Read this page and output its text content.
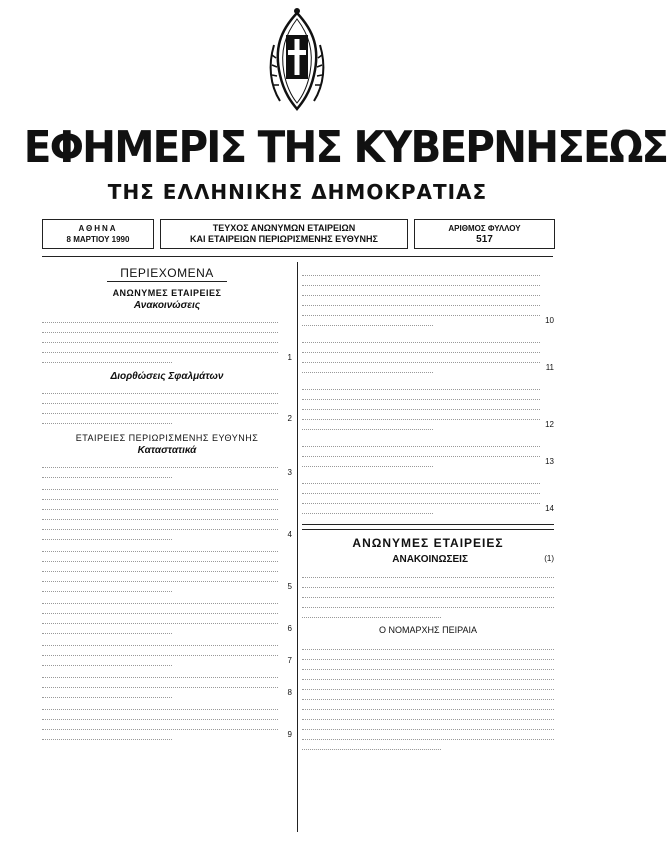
ΕΦΗΜΕΡΙΣ ΤΗΣ ΚΥΒΕΡΝΗΣΕΩΣ
ΤΗΣ ΕΛΛΗΝΙΚΗΣ ΔΗΜΟΚΡΑΤΙΑΣ
ΑΘΗΝΑ
8 ΜΑΡΤΙΟΥ 1990
ΤΕΥΧΟΣ ΑΝΩΝΥΜΩΝ ΕΤΑΙΡΕΙΩΝ
ΚΑΙ ΕΤΑΙΡΕΙΩΝ ΠΕΡΙΩΡΙΣΜΕΝΗΣ ΕΥΘΥΝΗΣ
ΑΡΙΘΜΟΣ ΦΥΛΛΟΥ
517
ΠΕΡΙΕΧΟΜΕΝΑ
ΑΝΩΝΥΜΕΣ ΕΤΑΙΡΕΙΕΣ
Ανακοινώσεις
1
Διορθώσεις Σφαλμάτων
2
ΕΤΑΙΡΕΙΕΣ ΠΕΡΙΩΡΙΣΜΕΝΗΣ ΕΥΘΥΝΗΣ
Καταστατικά
3
4
5
6
7
8
9
10
11
12
13
14
ΑΝΩΝΥΜΕΣ ΕΤΑΙΡΕΙΕΣ
ΑΝΑΚΟΙΝΩΣΕΙΣ	(1)
Ο ΝΟΜΑΡΧΗΣ ΠΕΙΡΑΙΑ
